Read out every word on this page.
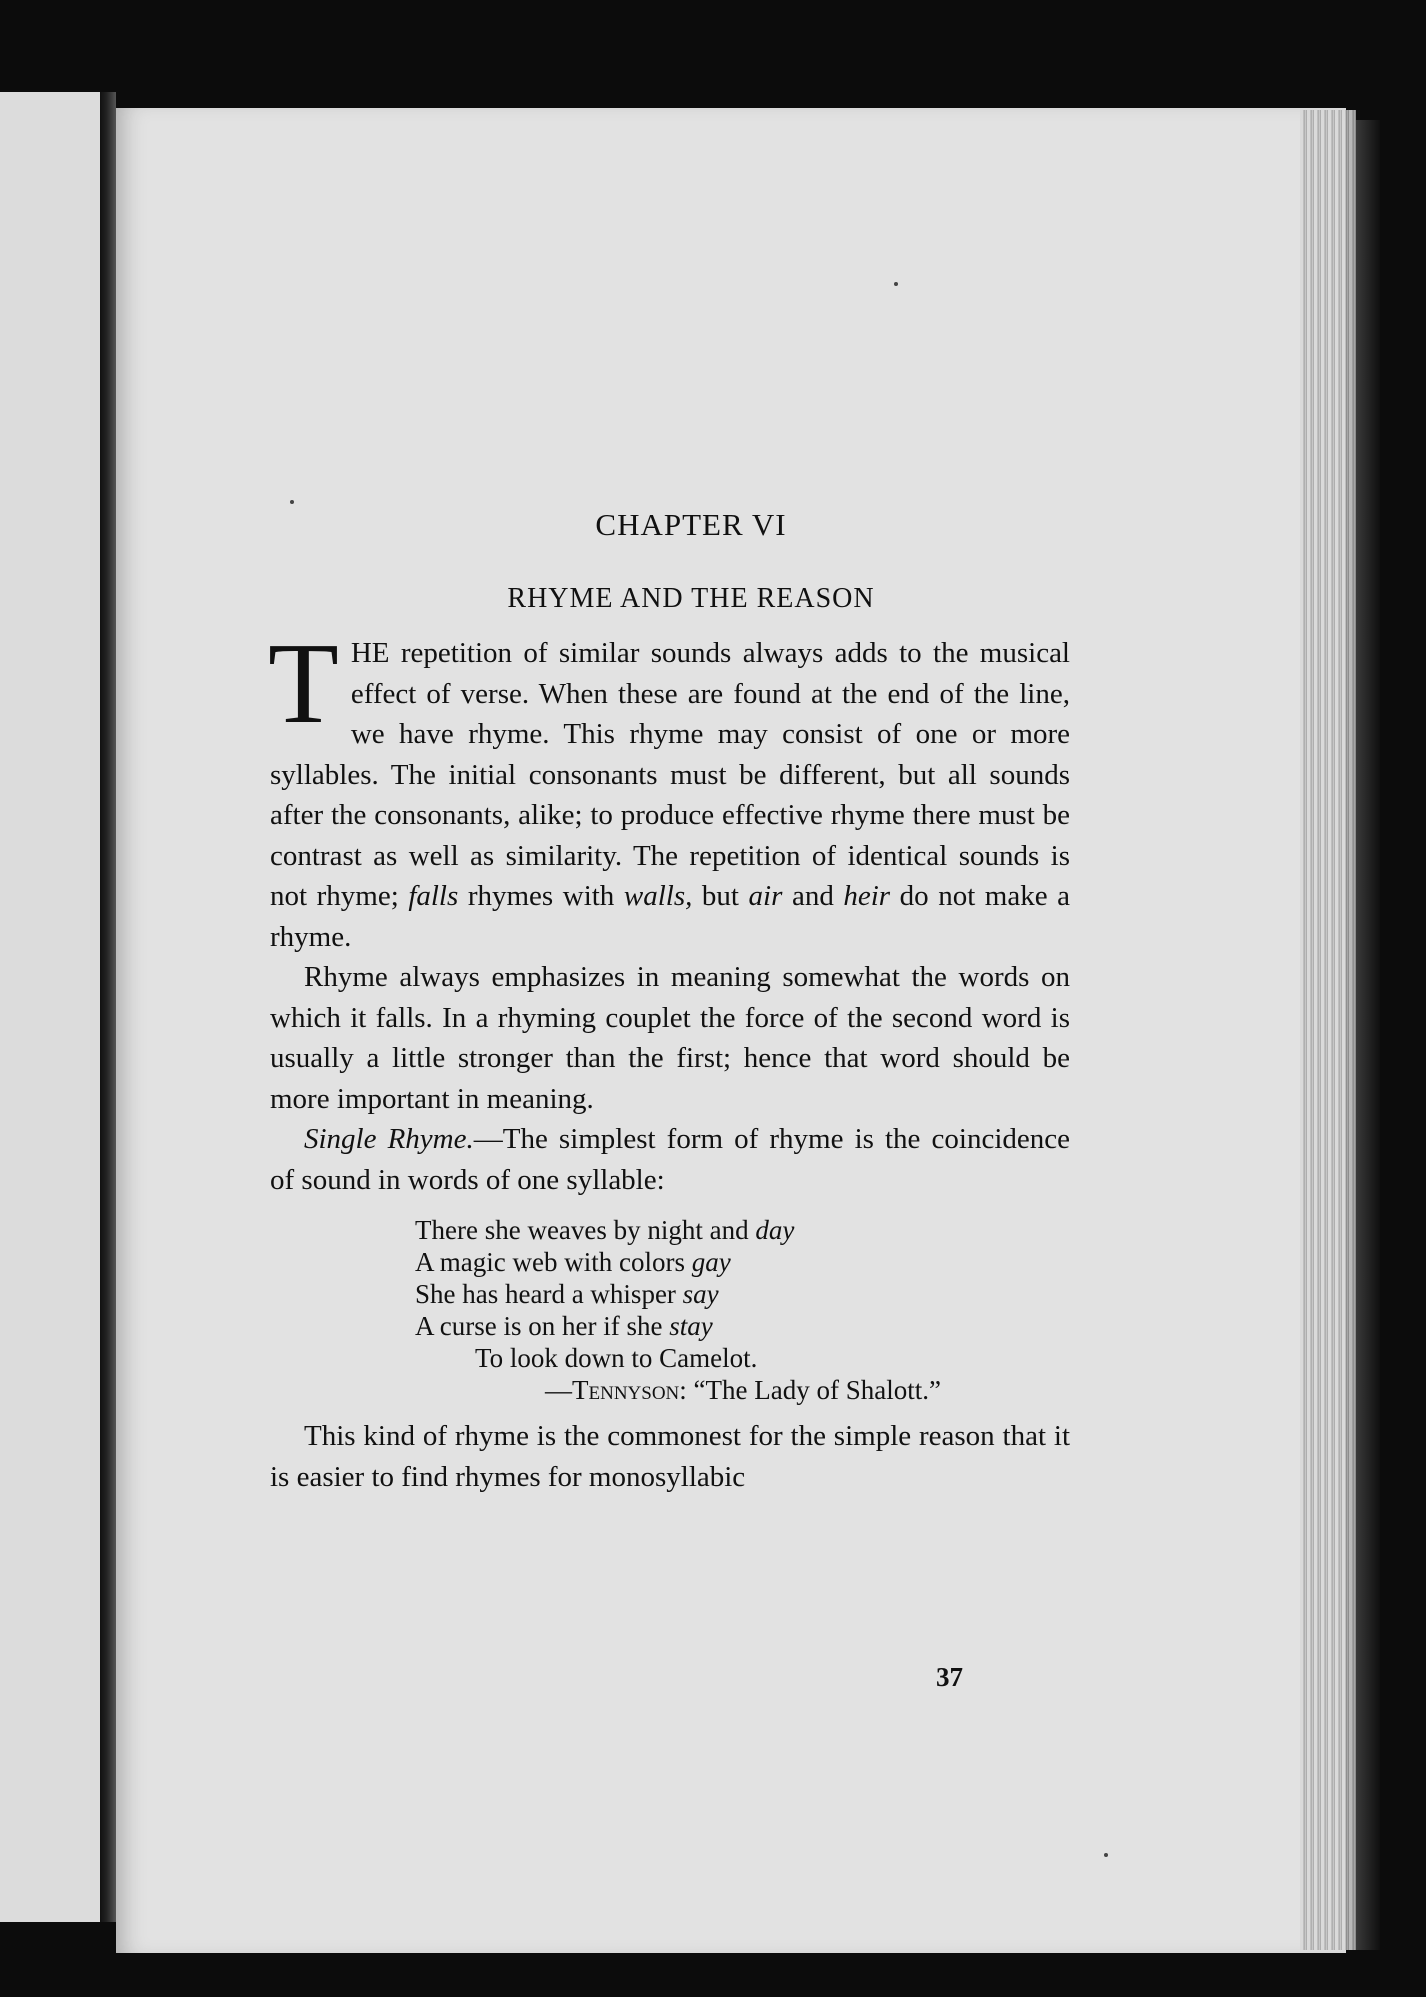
CHAPTER VI
RHYME AND THE REASON

THE repetition of similar sounds always adds to the musical effect of verse. When these are found at the end of the line, we have rhyme. This rhyme may consist of one or more syllables. The initial consonants must be different, but all sounds after the consonants, alike; to produce effective rhyme there must be contrast as well as similarity. The repetition of identical sounds is not rhyme; falls rhymes with walls, but air and heir do not make a rhyme.

Rhyme always emphasizes in meaning somewhat the words on which it falls. In a rhyming couplet the force of the second word is usually a little stronger than the first; hence that word should be more important in meaning.

Single Rhyme.—The simplest form of rhyme is the coincidence of sound in words of one syllable:

There she weaves by night and day
A magic web with colors gay
She has heard a whisper say
A curse is on her if she stay
To look down to Camelot.
—Tennyson: “The Lady of Shalott.”

This kind of rhyme is the commonest for the simple reason that it is easier to find rhymes for monosyllabic

37
